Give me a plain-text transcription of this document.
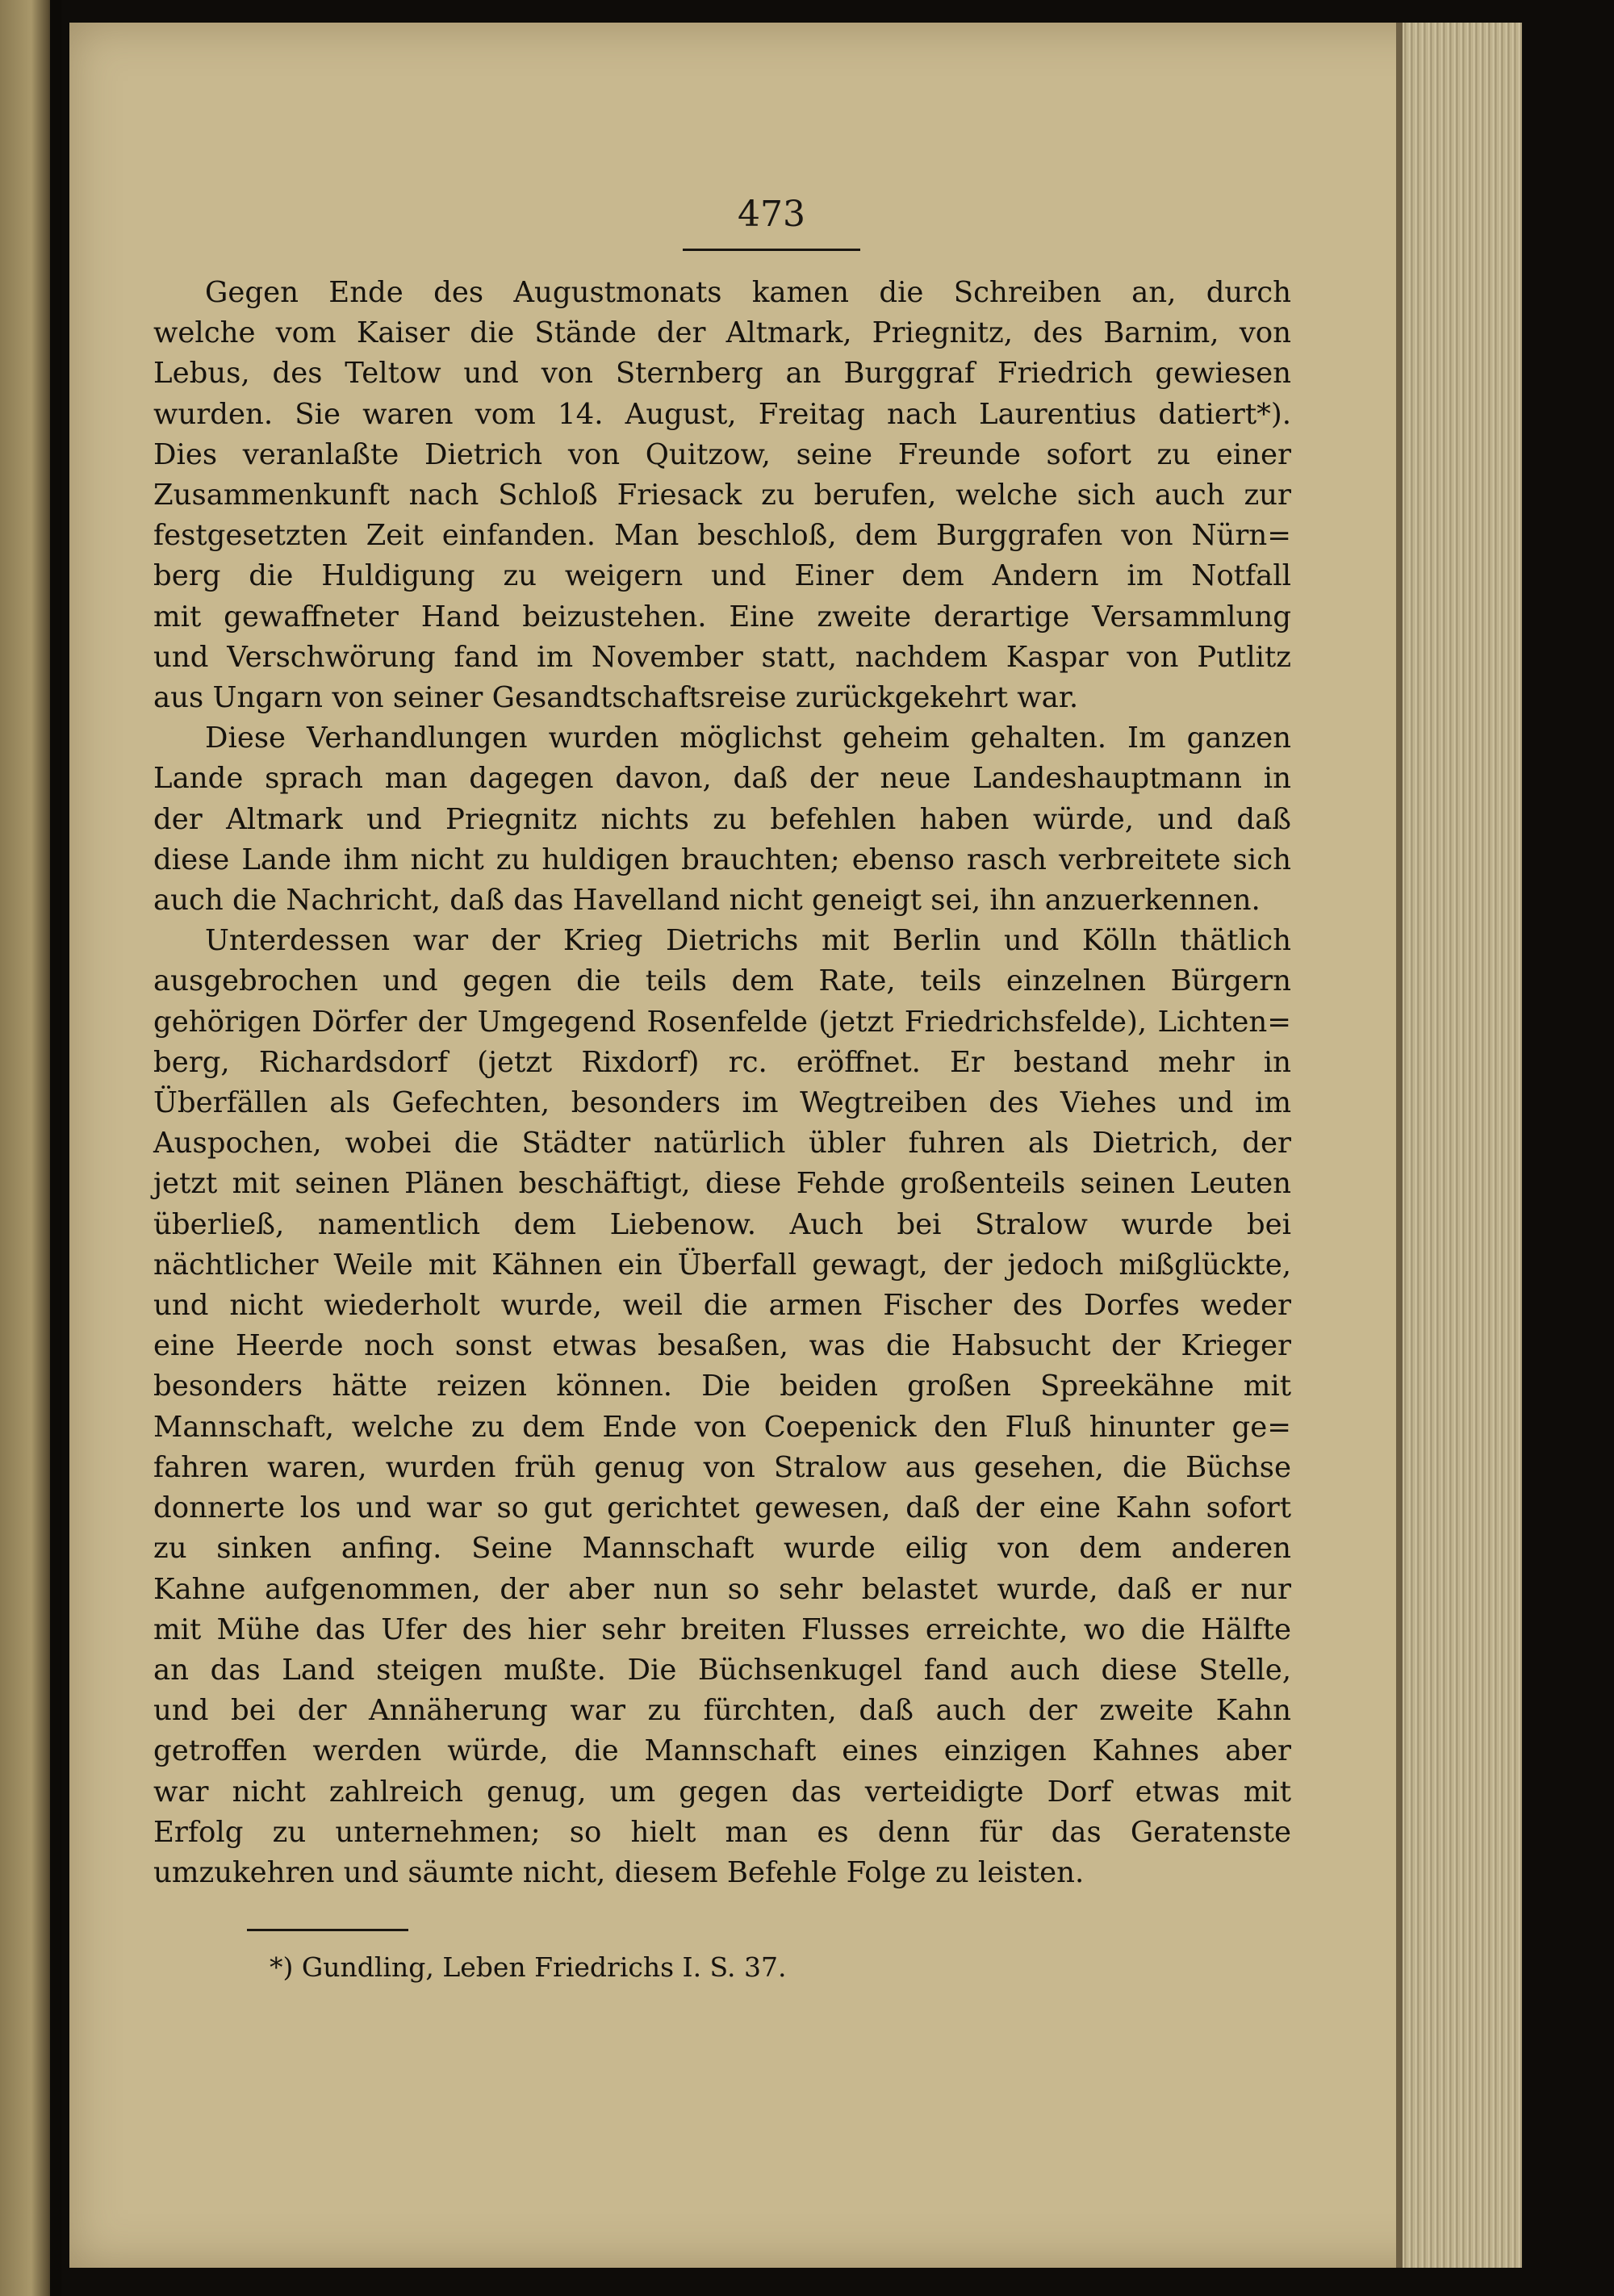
473
Gegen Ende des Augustmonats kamen die Schreiben an, durch
welche vom Kaiser die Stände der Altmark, Priegnitz, des Barnim, von
Lebus, des Teltow und von Sternberg an Burggraf Friedrich gewiesen
wurden. Sie waren vom 14. August, Freitag nach Laurentius datiert*).
Dies veranlaßte Dietrich von Quitzow, seine Freunde sofort zu einer
Zusammenkunft nach Schloß Friesack zu berufen, welche sich auch zur
festgesetzten Zeit einfanden. Man beschloß, dem Burggrafen von Nürn=
berg die Huldigung zu weigern und Einer dem Andern im Notfall
mit gewaffneter Hand beizustehen. Eine zweite derartige Versammlung
und Verschwörung fand im November statt, nachdem Kaspar von Putlitz
aus Ungarn von seiner Gesandtschaftsreise zurückgekehrt war.
Diese Verhandlungen wurden möglichst geheim gehalten. Im ganzen
Lande sprach man dagegen davon, daß der neue Landeshauptmann in
der Altmark und Priegnitz nichts zu befehlen haben würde, und daß
diese Lande ihm nicht zu huldigen brauchten; ebenso rasch verbreitete sich
auch die Nachricht, daß das Havelland nicht geneigt sei, ihn anzuerkennen.
Unterdessen war der Krieg Dietrichs mit Berlin und Kölln thätlich
ausgebrochen und gegen die teils dem Rate, teils einzelnen Bürgern
gehörigen Dörfer der Umgegend Rosenfelde (jetzt Friedrichsfelde), Lichten=
berg, Richardsdorf (jetzt Rixdorf) rc. eröffnet. Er bestand mehr in
Überfällen als Gefechten, besonders im Wegtreiben des Viehes und im
Auspochen, wobei die Städter natürlich übler fuhren als Dietrich, der
jetzt mit seinen Plänen beschäftigt, diese Fehde großenteils seinen Leuten
überließ, namentlich dem Liebenow. Auch bei Stralow wurde bei
nächtlicher Weile mit Kähnen ein Überfall gewagt, der jedoch mißglückte,
und nicht wiederholt wurde, weil die armen Fischer des Dorfes weder
eine Heerde noch sonst etwas besaßen, was die Habsucht der Krieger
besonders hätte reizen können. Die beiden großen Spreekähne mit
Mannschaft, welche zu dem Ende von Coepenick den Fluß hinunter ge=
fahren waren, wurden früh genug von Stralow aus gesehen, die Büchse
donnerte los und war so gut gerichtet gewesen, daß der eine Kahn sofort
zu sinken anfing. Seine Mannschaft wurde eilig von dem anderen
Kahne aufgenommen, der aber nun so sehr belastet wurde, daß er nur
mit Mühe das Ufer des hier sehr breiten Flusses erreichte, wo die Hälfte
an das Land steigen mußte. Die Büchsenkugel fand auch diese Stelle,
und bei der Annäherung war zu fürchten, daß auch der zweite Kahn
getroffen werden würde, die Mannschaft eines einzigen Kahnes aber
war nicht zahlreich genug, um gegen das verteidigte Dorf etwas mit
Erfolg zu unternehmen; so hielt man es denn für das Geratenste
umzukehren und säumte nicht, diesem Befehle Folge zu leisten.
*) Gundling, Leben Friedrichs I. S. 37.
